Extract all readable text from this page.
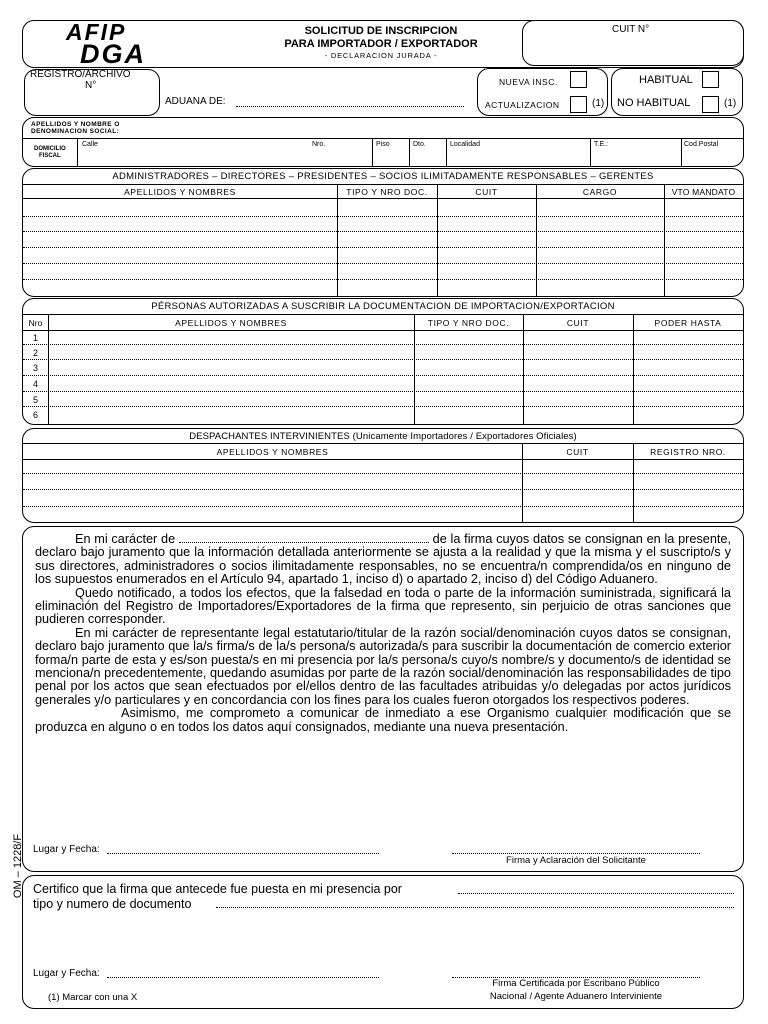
AFIP
DGA
SOLICITUD DE INSCRIPCION
PARA IMPORTADOR / EXPORTADOR
- DECLARACION JURADA -
CUIT N°
REGISTRO/ARCHIVO
N°
ADUANA DE:
NUEVA INSC.
ACTUALIZACION	(1)
HABITUAL
NO HABITUAL	(1)
APELLIDOS Y NOMBRE O
DENOMINACION SOCIAL:
DOMICILIO
FISCAL
Calle	Nro.	Piso	Dto.	Localidad	T.E.:	Cod.Postal
ADMINISTRADORES – DIRECTORES – PRESIDENTES – SOCIOS ILIMITADAMENTE RESPONSABLES – GERENTES
APELLIDOS Y NOMBRES	TIPO Y NRO DOC.	CUIT	CARGO	VTO MANDATO
PÉRSONAS AUTORIZADAS A SUSCRIBIR LA DOCUMENTACION DE IMPORTACION/EXPORTACION
Nro	APELLIDOS Y NOMBRES	TIPO Y NRO DOC.	CUIT	PODER HASTA
1
2
3
4
5
6
DESPACHANTES INTERVINIENTES (Unicamente Importadores / Exportadores Oficiales)
APELLIDOS Y NOMBRES	CUIT	REGISTRO NRO.

En mi carácter de	de la firma cuyos datos se consignan en la presente, declaro bajo juramento que la información detallada anteriormente se ajusta a la realidad y que la misma y el suscripto/s y sus directores, administradores o socios ilimitadamente responsables, no se encuentra/n comprendida/os en ninguno de los supuestos enumerados en el Artículo 94, apartado 1, inciso d) o apartado 2, inciso d) del Código Aduanero.

Quedo notificado, a todos los efectos, que la falsedad en toda o parte de la información suministrada, significará la eliminación del Registro de Importadores/Exportadores de la firma que represento, sin perjuicio de otras sanciones que pudieren corresponder.

En mi carácter de representante legal estatutario/titular de la razón social/denominación cuyos datos se consignan, declaro bajo juramento que la/s firma/s de la/s persona/s autorizada/s para suscribir la documentación de comercio exterior forma/n parte de esta y es/son puesta/s en mi presencia por la/s persona/s cuyo/s nombre/s y documento/s de identidad se menciona/n precedentemente, quedando asumidas por parte de la razón social/denominación las responsabilidades de tipo penal por los actos que sean efectuados por el/ellos dentro de las facultades atribuidas y/o delegadas por actos jurídicos generales y/o particulares y en concordancia con los fines para los cuales fueron otorgados los respectivos poderes.

Asimismo, me comprometo a comunicar de inmediato a ese Organismo cualquier modificación que se produzca en alguno o en todos los datos aquí consignados, mediante una nueva presentación.

Lugar y Fecha:
Firma y Aclaración del Solicitante
Certifico que la firma que antecede fue puesta en mi presencia por
tipo y numero de documento
Lugar y Fecha:
Firma Certificada por Escribano Público
Nacional / Agente Aduanero Interviniente
(1) Marcar con una X
OM – 1228/F
